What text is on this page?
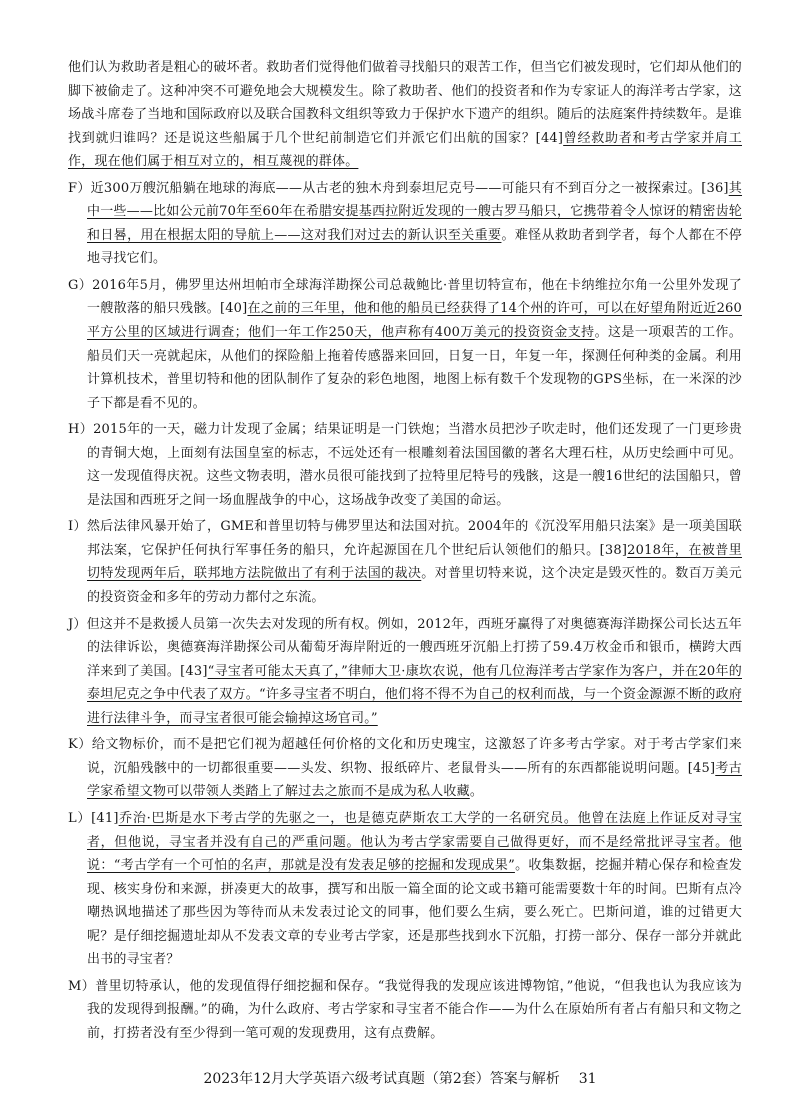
他们认为救助者是粗心的破坏者。救助者们觉得他们做着寻找船只的艰苦工作，但当它们被发现时，它们却从他们的脚下被偷走了。这种冲突不可避免地会大规模发生。除了救助者、他们的投资者和作为专家证人的海洋考古学家，这场战斗席卷了当地和国际政府以及联合国教科文组织等致力于保护水下遗产的组织。随后的法庭案件持续数年。是谁找到就归谁吗？还是说这些船属于几个世纪前制造它们并派它们出航的国家？[44]曾经救助者和考古学家并肩工作，现在他们属于相互对立的，相互蔑视的群体。

F）近300万艘沉船躺在地球的海底——从古老的独木舟到泰坦尼克号——可能只有不到百分之一被探索过。[36]其中一些——比如公元前70年至60年在希腊安提基西拉附近发现的一艘古罗马船只，它携带着令人惊讶的精密齿轮和日晷，用在根据太阳的导航上——这对我们对过去的新认识至关重要。难怪从救助者到学者，每个人都在不停地寻找它们。

G）2016年5月，佛罗里达州坦帕市全球海洋勘探公司总裁鲍比·普里切特宣布，他在卡纳维拉尔角一公里外发现了一艘散落的船只残骸。[40]在之前的三年里，他和他的船员已经获得了14个州的许可，可以在好望角附近近260平方公里的区域进行调查；他们一年工作250天，他声称有400万美元的投资资金支持。这是一项艰苦的工作。船员们天一亮就起床，从他们的探险船上拖着传感器来回回，日复一日，年复一年，探测任何种类的金属。利用计算机技术，普里切特和他的团队制作了复杂的彩色地图，地图上标有数千个发现物的GPS坐标，在一米深的沙子下都是看不见的。

H）2015年的一天，磁力计发现了金属；结果证明是一门铁炮；当潜水员把沙子吹走时，他们还发现了一门更珍贵的青铜大炮，上面刻有法国皇室的标志，不远处还有一根雕刻着法国国徽的著名大理石柱，从历史绘画中可见。这一发现值得庆祝。这些文物表明，潜水员很可能找到了拉特里尼特号的残骸，这是一艘16世纪的法国船只，曾是法国和西班牙之间一场血腥战争的中心，这场战争改变了美国的命运。

I）然后法律风暴开始了，GME和普里切特与佛罗里达和法国对抗。2004年的《沉没军用船只法案》是一项美国联邦法案，它保护任何执行军事任务的船只，允许起源国在几个世纪后认领他们的船只。[38]2018年，在被普里切特发现两年后，联邦地方法院做出了有利于法国的裁决。对普里切特来说，这个决定是毁灭性的。数百万美元的投资资金和多年的劳动力都付之东流。

J）但这并不是救援人员第一次失去对发现的所有权。例如，2012年，西班牙赢得了对奥德赛海洋勘探公司长达五年的法律诉讼，奥德赛海洋勘探公司从葡萄牙海岸附近的一艘西班牙沉船上打捞了59.4万枚金币和银币，横跨大西洋来到了美国。[43]“寻宝者可能太天真了，”律师大卫·康坎农说，他有几位海洋考古学家作为客户，并在20年的泰坦尼克之争中代表了双方。“许多寻宝者不明白，他们将不得不为自己的权利而战，与一个资金源源不断的政府进行法律斗争，而寻宝者很可能会输掉这场官司。”

K）给文物标价，而不是把它们视为超越任何价格的文化和历史瑰宝，这激怒了许多考古学家。对于考古学家们来说，沉船残骸中的一切都很重要——头发、织物、报纸碎片、老鼠骨头——所有的东西都能说明问题。[45]考古学家希望文物可以带领人类踏上了解过去之旅而不是成为私人收藏。

L）[41]乔治·巴斯是水下考古学的先驱之一，也是德克萨斯农工大学的一名研究员。他曾在法庭上作证反对寻宝者，但他说，寻宝者并没有自己的严重问题。他认为考古学家需要自己做得更好，而不是经常批评寻宝者。他说：“考古学有一个可怕的名声，那就是没有发表足够的挖掘和发现成果”。收集数据，挖掘并精心保存和检查发现、核实身份和来源，拼凑更大的故事，撰写和出版一篇全面的论文或书籍可能需要数十年的时间。巴斯有点冷嘲热讽地描述了那些因为等待而从未发表过论文的同事，他们要么生病，要么死亡。巴斯问道，谁的过错更大呢？是仔细挖掘遗址却从不发表文章的专业考古学家，还是那些找到水下沉船，打捞一部分、保存一部分并就此出书的寻宝者？

M）普里切特承认，他的发现值得仔细挖掘和保存。“我觉得我的发现应该进博物馆，”他说，“但我也认为我应该为我的发现得到报酬。”的确，为什么政府、考古学家和寻宝者不能合作——为什么在原始所有者占有船只和文物之前，打捞者没有至少得到一笔可观的发现费用，这有点费解。

2023年12月大学英语六级考试真题（第2套）答案与解析 31
